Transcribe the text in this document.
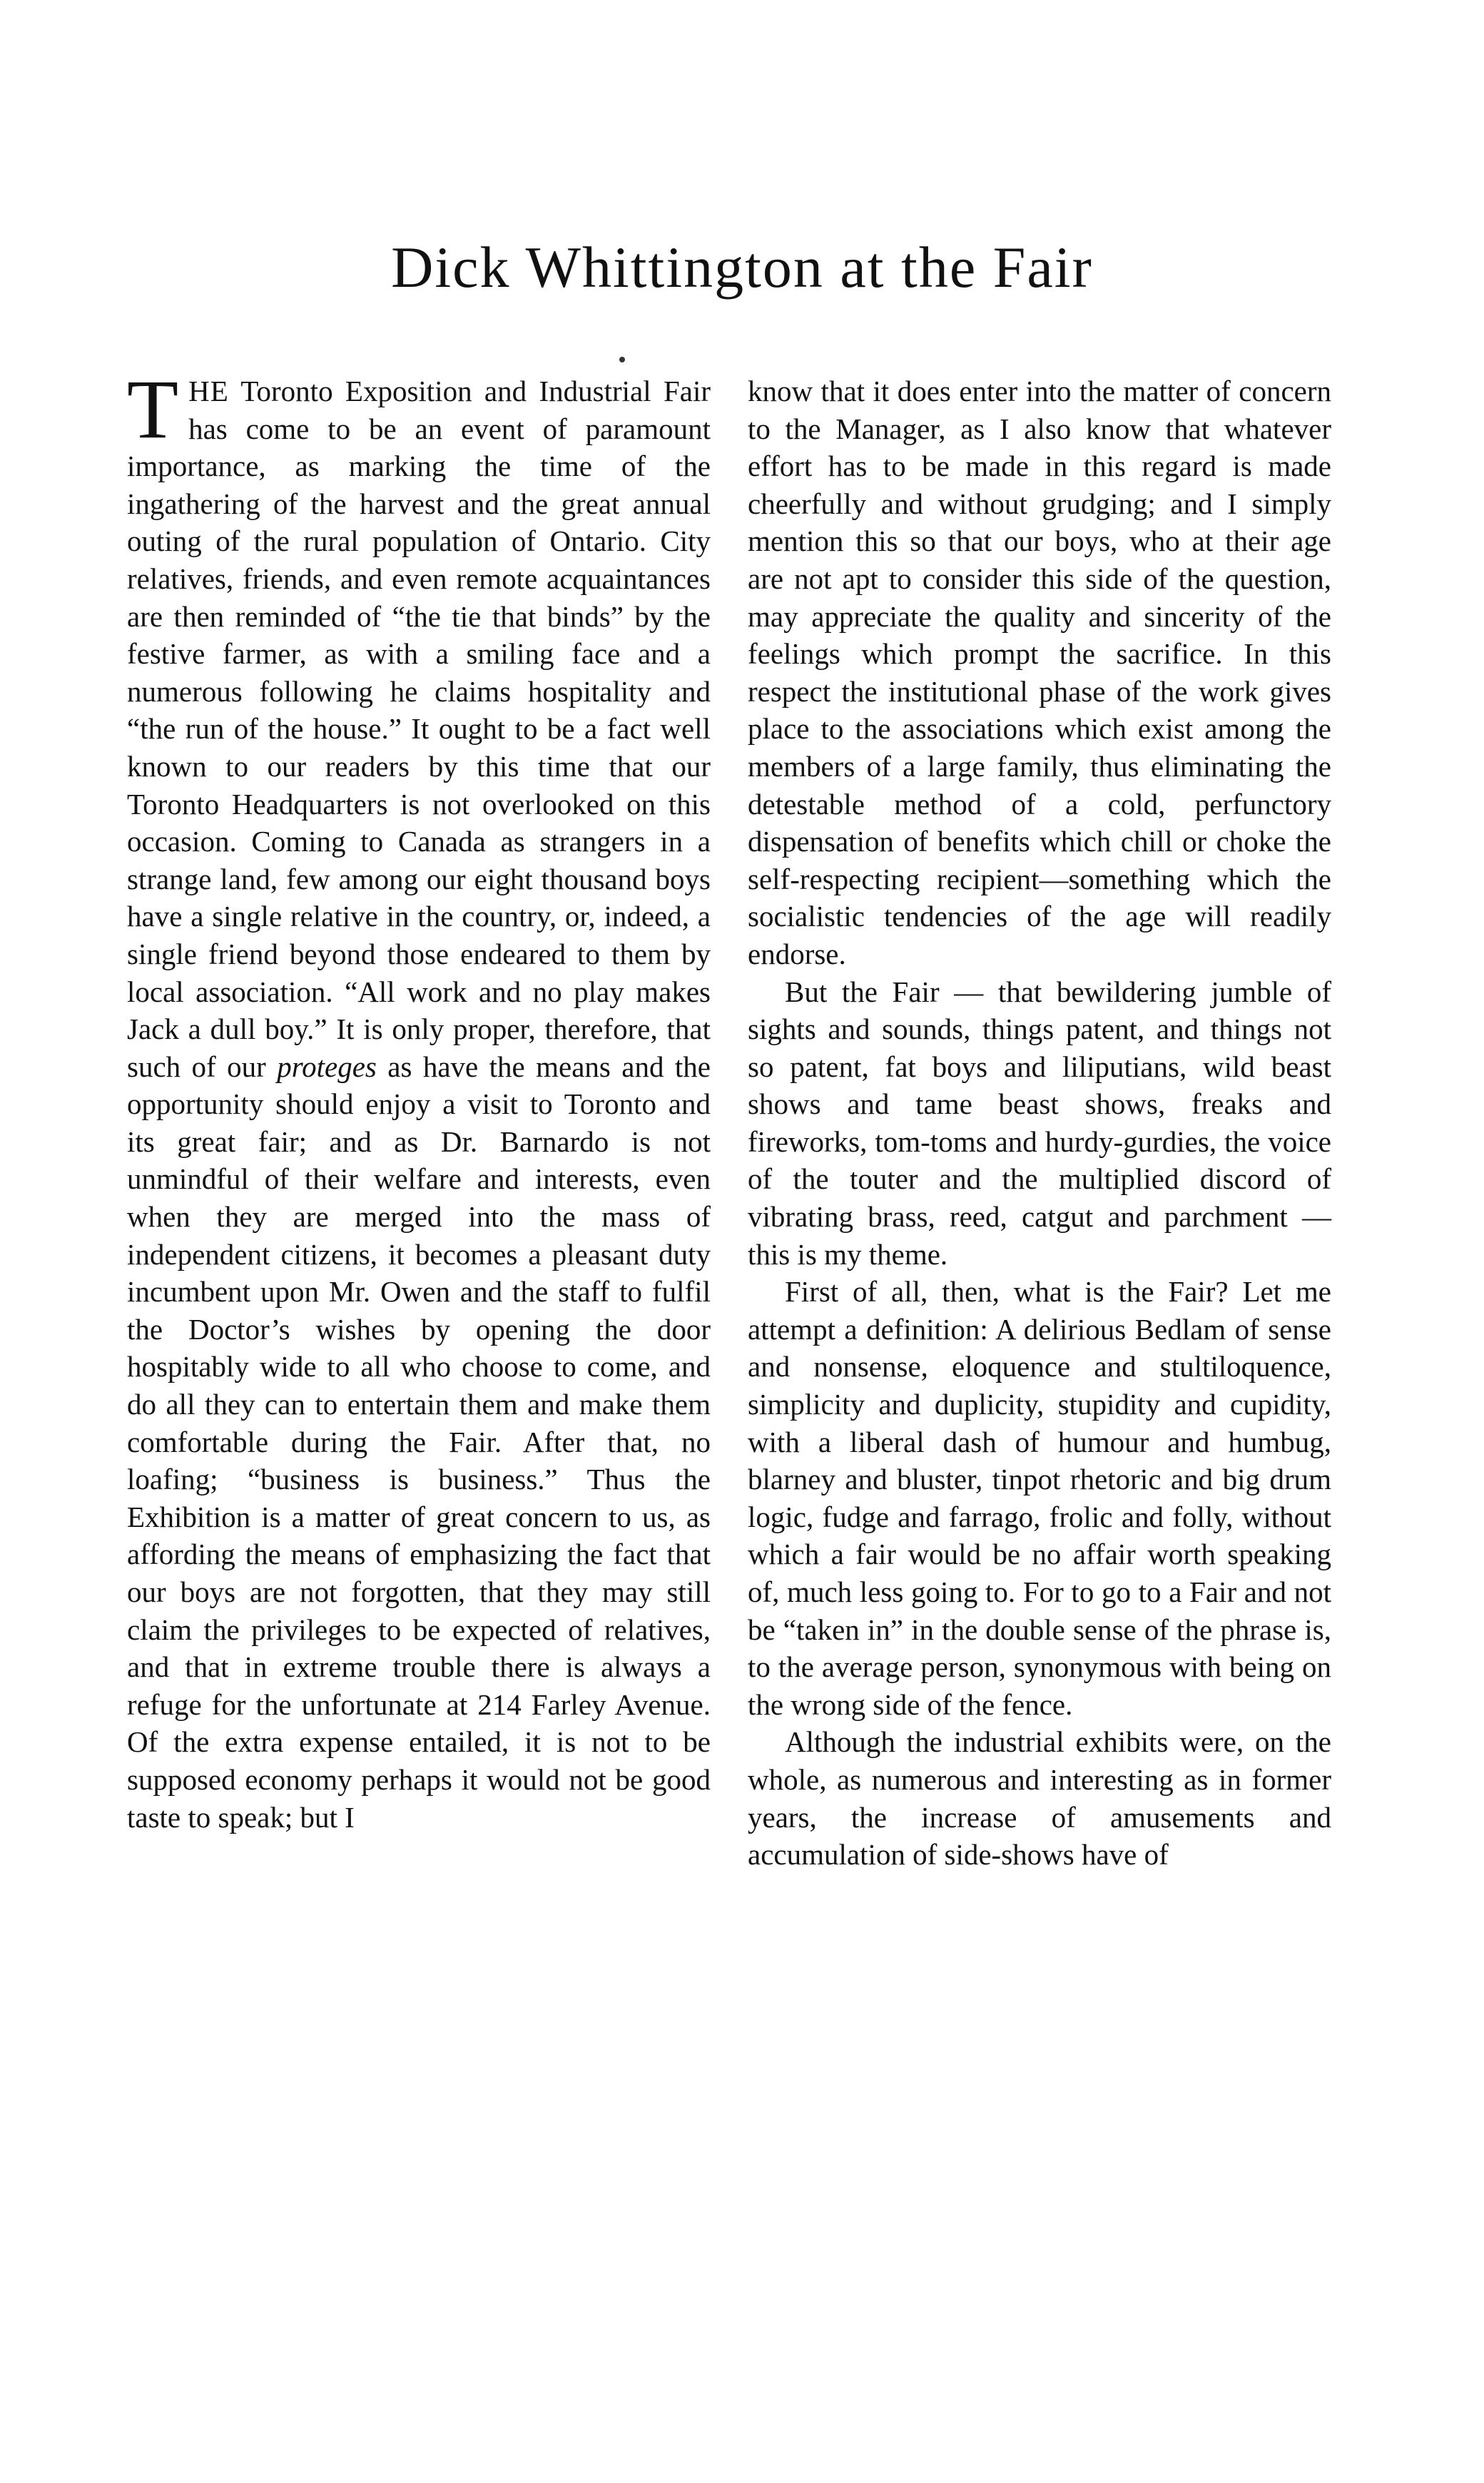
Dick Whittington at the Fair

THE Toronto Exposition and Industrial Fair has come to be an event of paramount importance, as marking the time of the ingathering of the harvest and the great annual outing of the rural population of Ontario. City relatives, friends, and even remote acquaintances are then reminded of “the tie that binds” by the festive farmer, as with a smiling face and a numerous following he claims hospitality and “the run of the house.” It ought to be a fact well known to our readers by this time that our Toronto Headquarters is not overlooked on this occasion. Coming to Canada as strangers in a strange land, few among our eight thousand boys have a single relative in the country, or, indeed, a single friend beyond those endeared to them by local association. “All work and no play makes Jack a dull boy.” It is only proper, therefore, that such of our proteges as have the means and the opportunity should enjoy a visit to Toronto and its great fair; and as Dr. Barnardo is not unmindful of their welfare and interests, even when they are merged into the mass of independent citizens, it becomes a pleasant duty incumbent upon Mr. Owen and the staff to fulfil the Doctor’s wishes by opening the door hospitably wide to all who choose to come, and do all they can to entertain them and make them comfortable during the Fair. After that, no loafing; “business is business.” Thus the Exhibition is a matter of great concern to us, as affording the means of emphasizing the fact that our boys are not forgotten, that they may still claim the privileges to be expected of relatives, and that in extreme trouble there is always a refuge for the unfortunate at 214 Farley Avenue. Of the extra expense entailed, it is not to be supposed economy perhaps it would not be good taste to speak; but I

know that it does enter into the matter of concern to the Manager, as I also know that whatever effort has to be made in this regard is made cheerfully and without grudging; and I simply mention this so that our boys, who at their age are not apt to consider this side of the question, may appreciate the quality and sincerity of the feelings which prompt the sacrifice. In this respect the institutional phase of the work gives place to the associations which exist among the members of a large family, thus eliminating the detestable method of a cold, perfunctory dispensation of benefits which chill or choke the self-respecting recipient—something which the socialistic tendencies of the age will readily endorse.

But the Fair — that bewildering jumble of sights and sounds, things patent, and things not so patent, fat boys and liliputians, wild beast shows and tame beast shows, freaks and fireworks, tom-toms and hurdy-gurdies, the voice of the touter and the multiplied discord of vibrating brass, reed, catgut and parchment — this is my theme.

First of all, then, what is the Fair? Let me attempt a definition: A delirious Bedlam of sense and nonsense, eloquence and stultiloquence, simplicity and duplicity, stupidity and cupidity, with a liberal dash of humour and humbug, blarney and bluster, tinpot rhetoric and big drum logic, fudge and farrago, frolic and folly, without which a fair would be no affair worth speaking of, much less going to. For to go to a Fair and not be “taken in” in the double sense of the phrase is, to the average person, synonymous with being on the wrong side of the fence.

Although the industrial exhibits were, on the whole, as numerous and interesting as in former years, the increase of amusements and accumulation of side-shows have of
